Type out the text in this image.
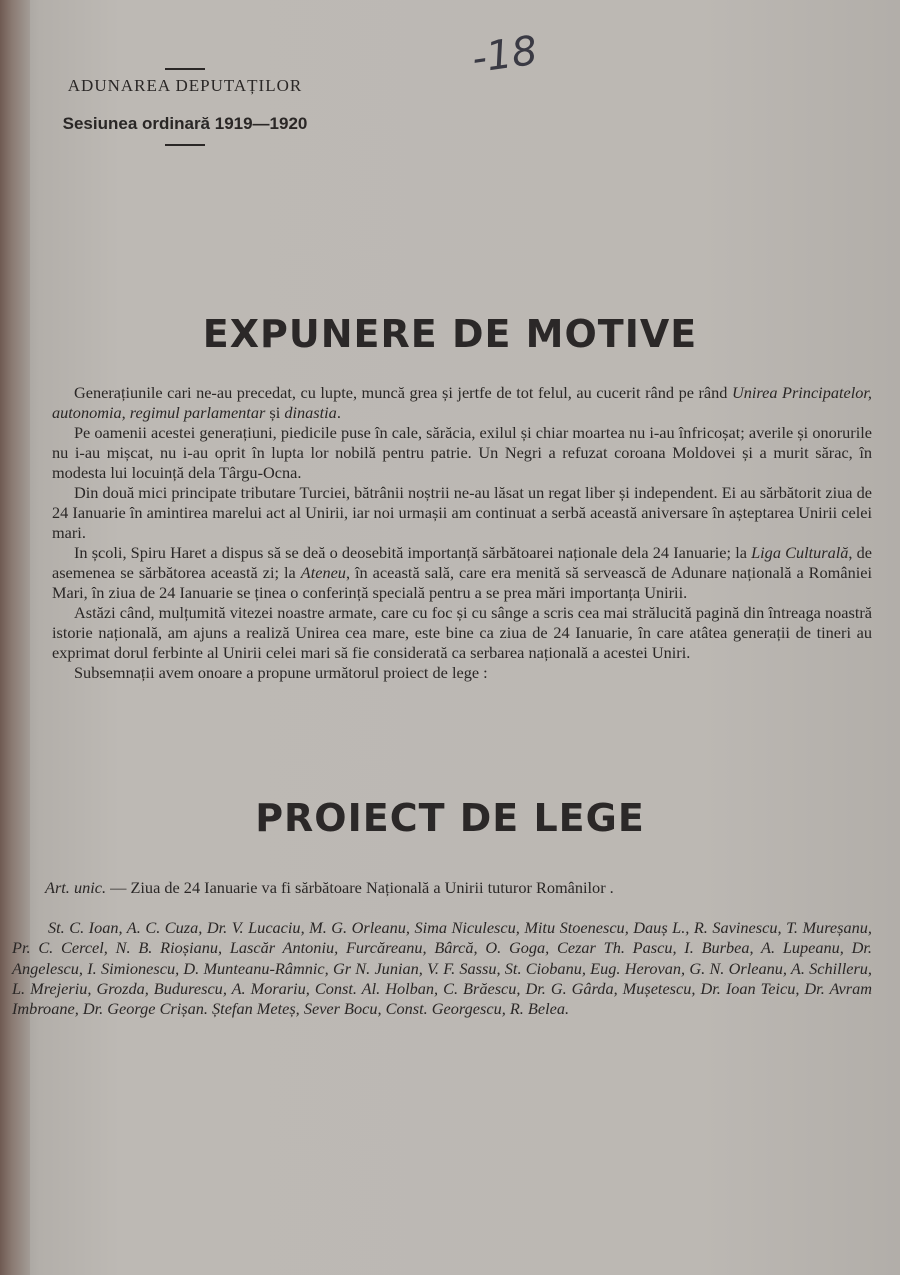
ADUNAREA DEPUTAȚILOR

Sesiunea ordinară 1919—1920

-18
EXPUNERE DE MOTIVE

Generațiunile cari ne-au precedat, cu lupte, muncă grea și jertfe de tot felul, au cucerit rând pe rând Unirea Principatelor, autonomia, regimul parlamentar și dinastia.

Pe oamenii acestei generațiuni, piedicile puse în cale, sărăcia, exilul și chiar moartea nu i-au înfricoșat; averile și onorurile nu i-au mișcat, nu i-au oprit în lupta lor nobilă pentru patrie. Un Negri a refuzat coroana Moldovei și a murit sărac, în modesta lui locuință dela Târgu-Ocna.

Din două mici principate tributare Turciei, bătrânii noștrii ne-au lăsat un regat liber și independent. Ei au sărbătorit ziua de 24 Ianuarie în amintirea marelui act al Unirii, iar noi urmașii am continuat a serbă această aniversare în așteptarea Unirii celei mari.

In școli, Spiru Haret a dispus să se deă o deosebită importanță sărbătoarei naționale dela 24 Ianuarie; la Liga Culturală, de asemenea se sărbătorea această zi; la Ateneu, în această sală, care era menită să servească de Adunare națională a României Mari, în ziua de 24 Ianuarie se ținea o conferință specială pentru a se prea mări importanța Unirii.

Astăzi când, mulțumită vitezei noastre armate, care cu foc și cu sânge a scris cea mai strălucită pagină din întreaga noastră istorie națională, am ajuns a realiză Unirea cea mare, este bine ca ziua de 24 Ianuarie, în care atâtea generații de tineri au exprimat dorul ferbinte al Unirii celei mari să fie considerată ca serbarea națională a acestei Uniri.

Subsemnații avem onoare a propune următorul proiect de lege :

PROIECT DE LEGE
Art. unic. — Ziua de 24 Ianuarie va fi sărbătoare Națională a Unirii tuturor Românilor .

St. C. Ioan, A. C. Cuza, Dr. V. Lucaciu, M. G. Orleanu, Sima Niculescu, Mitu Stoenescu, Dauș L., R. Savinescu, T. Mureșanu, Pr. C. Cercel, N. B. Rioșianu, Lascăr Antoniu, Furcăreanu, Bârcă, O. Goga, Cezar Th. Pascu, I. Burbea, A. Lupeanu, Dr. Angelescu, I. Simionescu, D. Munteanu-Râmnic, Gr N. Junian, V. F. Sassu, St. Ciobanu, Eug. Herovan, G. N. Orleanu, A. Schilleru, L. Mrejeriu, Grozda, Buduresсu, A. Morariu, Const. Al. Holban, C. Brăescu, Dr. G. Gârda, Mușetescu, Dr. Ioan Teicu, Dr. Avram Imbroane, Dr. George Crișan. Ștefan Meteș, Sever Bocu, Const. Georgescu, R. Belea.
